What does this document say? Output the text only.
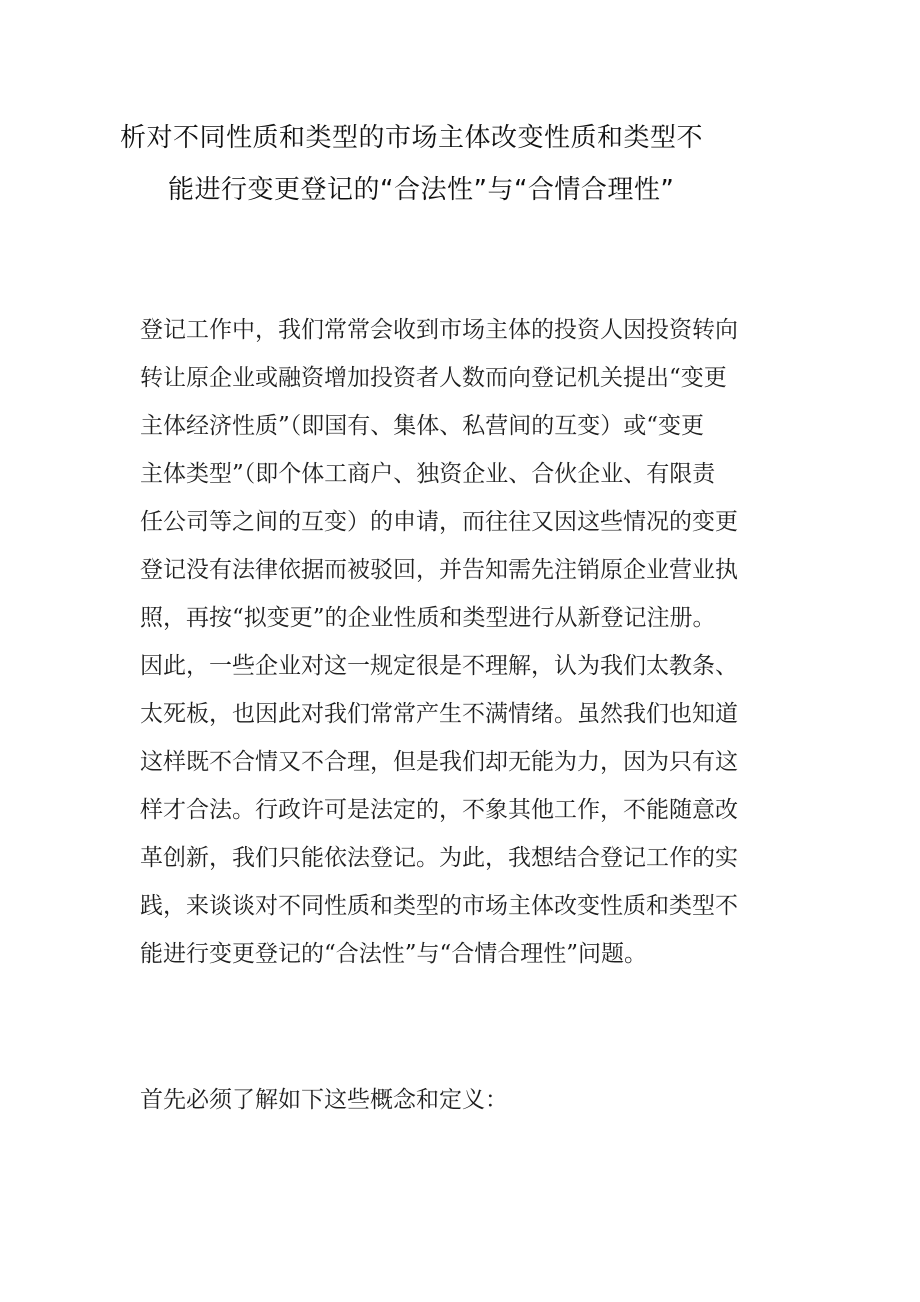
析对不同性质和类型的市场主体改变性质和类型不
能进行变更登记的“合法性”与“合情合理性”
登记工作中，我们常常会收到市场主体的投资人因投资转向
转让原企业或融资增加投资者人数而向登记机关提出“变更
主体经济性质”（即国有、集体、私营间的互变）或“变更
主体类型”（即个体工商户、独资企业、合伙企业、有限责
任公司等之间的互变）的申请，而往往又因这些情况的变更
登记没有法律依据而被驳回，并告知需先注销原企业营业执
照，再按“拟变更”的企业性质和类型进行从新登记注册。
因此，一些企业对这一规定很是不理解，认为我们太教条、
太死板，也因此对我们常常产生不满情绪。虽然我们也知道
这样既不合情又不合理，但是我们却无能为力，因为只有这
样才合法。行政许可是法定的，不象其他工作，不能随意改
革创新，我们只能依法登记。为此，我想结合登记工作的实
践，来谈谈对不同性质和类型的市场主体改变性质和类型不
能进行变更登记的“合法性”与“合情合理性”问题。
首先必须了解如下这些概念和定义：
